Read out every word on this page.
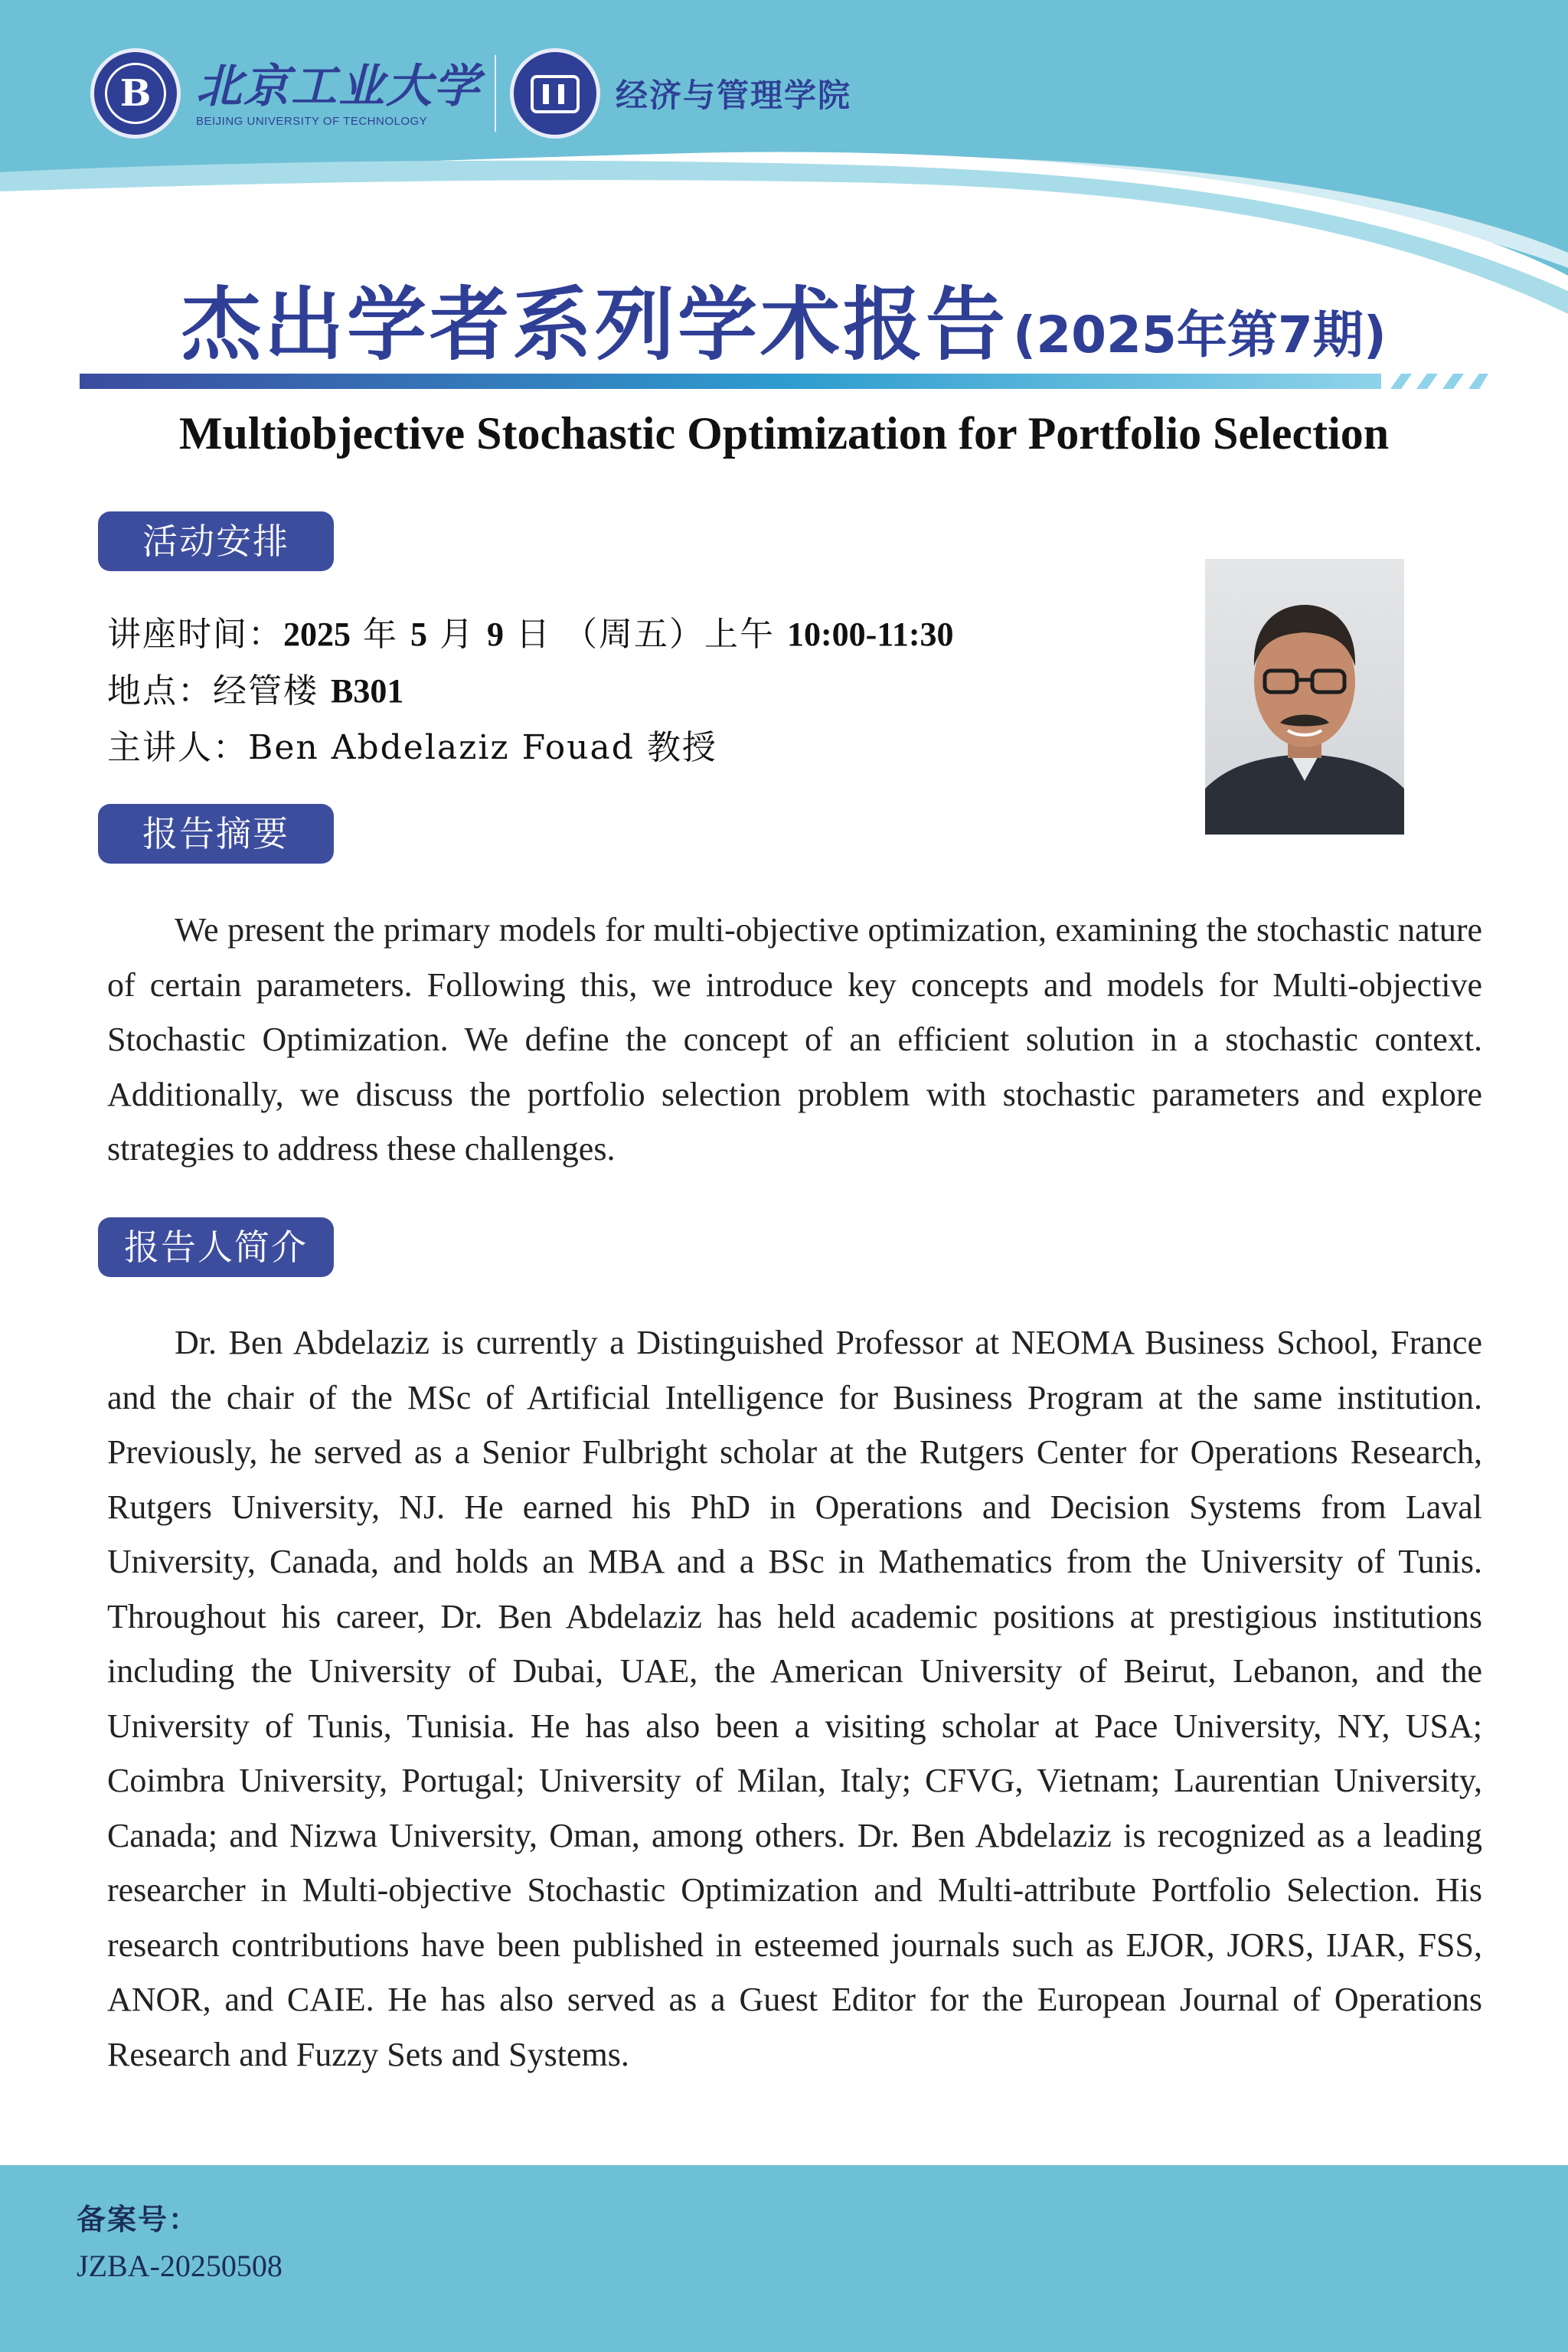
B 北京工业大学
BEIJING UNIVERSITY OF TECHNOLOGY
经济与管理学院
杰出学者系列学术报告(2025年第7期)
Multiobjective Stochastic Optimization for Portfolio Selection
活动安排
讲座时间：2025 年 5 月 9 日 （周五）上午 10:00-11:30
地点：经管楼 B301
主讲人：Ben Abdelaziz Fouad 教授
报告摘要

We present the primary models for multi-objective optimization, examining the stochastic nature of certain parameters. Following this, we introduce key concepts and models for Multi-objective Stochastic Optimization. We define the concept of an efficient solution in a stochastic context. Additionally, we discuss the portfolio selection problem with stochastic parameters and explore strategies to address these challenges.

报告人简介

Dr. Ben Abdelaziz is currently a Distinguished Professor at NEOMA Business School, France and the chair of the MSc of Artificial Intelligence for Business Program at the same institution. Previously, he served as a Senior Fulbright scholar at the Rutgers Center for Operations Research, Rutgers University, NJ. He earned his PhD in Operations and Decision Systems from Laval University, Canada, and holds an MBA and a BSc in Mathematics from the University of Tunis. Throughout his career, Dr. Ben Abdelaziz has held academic positions at prestigious institutions including the University of Dubai, UAE, the American University of Beirut, Lebanon, and the University of Tunis, Tunisia. He has also been a visiting scholar at Pace University, NY, USA; Coimbra University, Portugal; University of Milan, Italy; CFVG, Vietnam; Laurentian University, Canada; and Nizwa University, Oman, among others. Dr. Ben Abdelaziz is recognized as a leading researcher in Multi-objective Stochastic Optimization and Multi-attribute Portfolio Selection. His research contributions have been published in esteemed journals such as EJOR, JORS, IJAR, FSS, ANOR, and CAIE. He has also served as a Guest Editor for the European Journal of Operations Research and Fuzzy Sets and Systems.

备案号：
JZBA-20250508
